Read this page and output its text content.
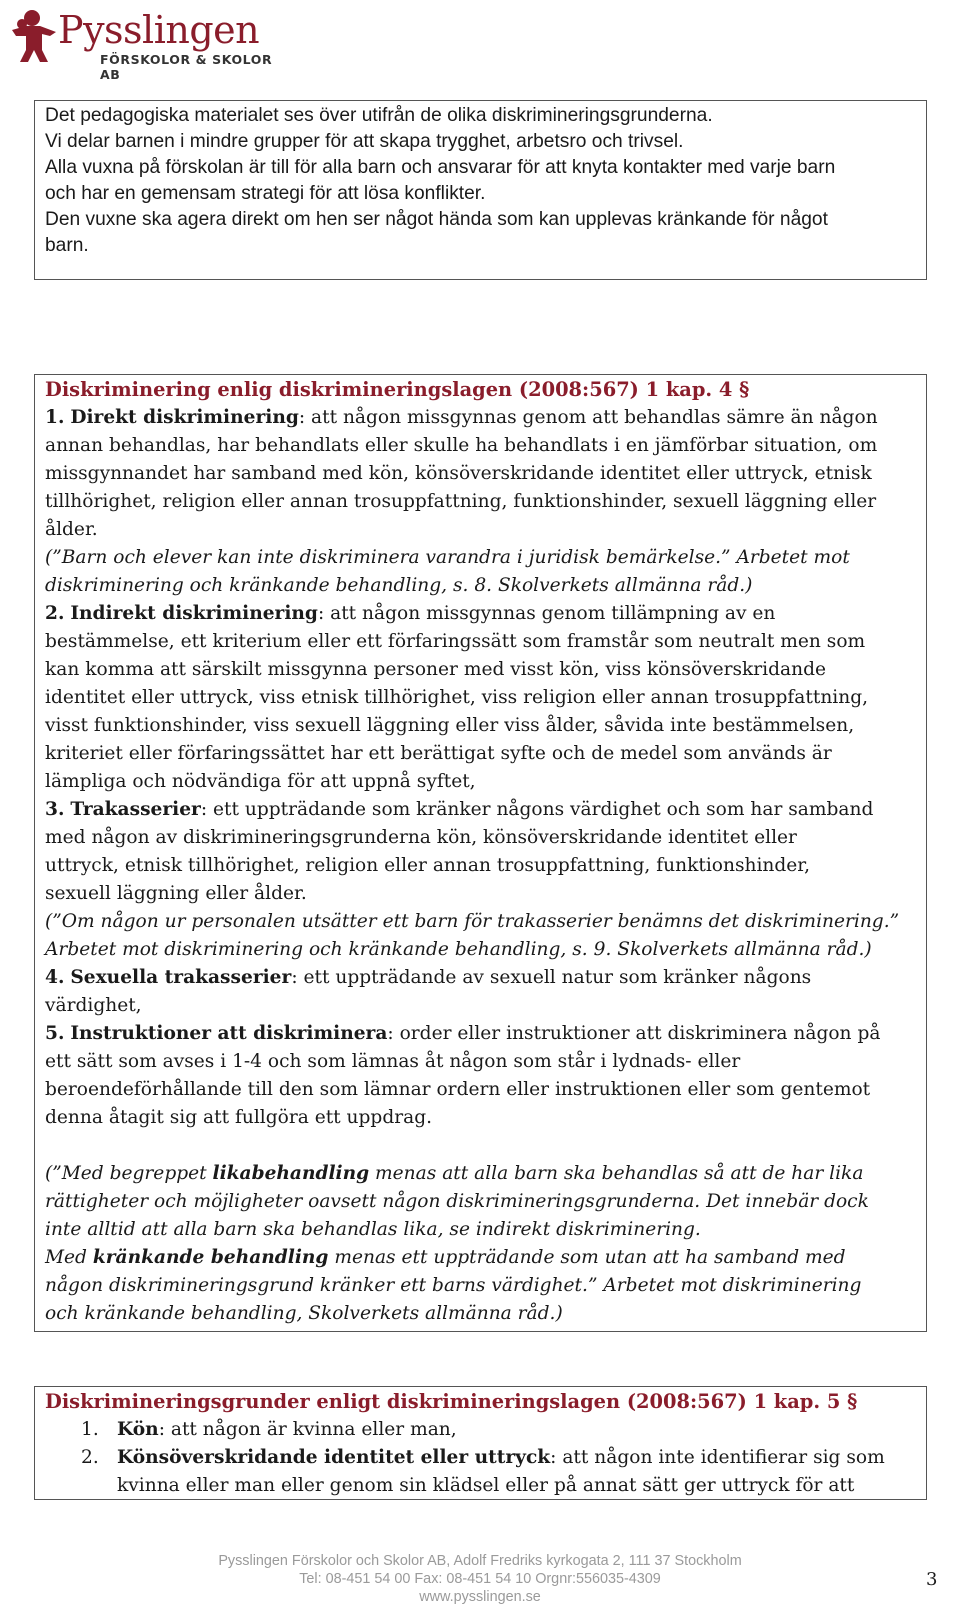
Pysslingen
FÖRSKOLOR & SKOLOR AB

Det pedagogiska materialet ses över utifrån de olika diskrimineringsgrunderna.

Vi delar barnen i mindre grupper för att skapa trygghet, arbetsro och trivsel.

Alla vuxna på förskolan är till för alla barn och ansvarar för att knyta kontakter med varje barn

och har en gemensam strategi för att lösa konflikter.

Den vuxne ska agera direkt om hen ser något hända som kan upplevas kränkande för något

barn.

Diskriminering enlig diskrimineringslagen (2008:567) 1 kap. 4 §

1. Direkt diskriminering: att någon missgynnas genom att behandlas sämre än någon

annan behandlas, har behandlats eller skulle ha behandlats i en jämförbar situation, om

missgynnandet har samband med kön, könsöverskridande identitet eller uttryck, etnisk

tillhörighet, religion eller annan trosuppfattning, funktionshinder, sexuell läggning eller

ålder.

(”Barn och elever kan inte diskriminera varandra i juridisk bemärkelse.” Arbetet mot

diskriminering och kränkande behandling, s. 8. Skolverkets allmänna råd.)

2. Indirekt diskriminering: att någon missgynnas genom tillämpning av en

bestämmelse, ett kriterium eller ett förfaringssätt som framstår som neutralt men som

kan komma att särskilt missgynna personer med visst kön, viss könsöverskridande

identitet eller uttryck, viss etnisk tillhörighet, viss religion eller annan trosuppfattning,

visst funktionshinder, viss sexuell läggning eller viss ålder, såvida inte bestämmelsen,

kriteriet eller förfaringssättet har ett berättigat syfte och de medel som används är

lämpliga och nödvändiga för att uppnå syftet,

3. Trakasserier: ett uppträdande som kränker någons värdighet och som har samband

med någon av diskrimineringsgrunderna kön, könsöverskridande identitet eller

uttryck, etnisk tillhörighet, religion eller annan trosuppfattning, funktionshinder,

sexuell läggning eller ålder.

(”Om någon ur personalen utsätter ett barn för trakasserier benämns det diskriminering.”

Arbetet mot diskriminering och kränkande behandling, s. 9. Skolverkets allmänna råd.)

4. Sexuella trakasserier: ett uppträdande av sexuell natur som kränker någons

värdighet,

5. Instruktioner att diskriminera: order eller instruktioner att diskriminera någon på

ett sätt som avses i 1-4 och som lämnas åt någon som står i lydnads- eller

beroendeförhållande till den som lämnar ordern eller instruktionen eller som gentemot

denna åtagit sig att fullgöra ett uppdrag.

(”Med begreppet likabehandling menas att alla barn ska behandlas så att de har lika

rättigheter och möjligheter oavsett någon diskrimineringsgrunderna. Det innebär dock

inte alltid att alla barn ska behandlas lika, se indirekt diskriminering.

Med kränkande behandling menas ett uppträdande som utan att ha samband med

någon diskrimineringsgrund kränker ett barns värdighet.” Arbetet mot diskriminering

och kränkande behandling, Skolverkets allmänna råd.)

Diskrimineringsgrunder enligt diskrimineringslagen (2008:567) 1 kap. 5 §

1. Kön: att någon är kvinna eller man,
2. Könsöverskridande identitet eller uttryck: att någon inte identifierar sig som
kvinna eller man eller genom sin klädsel eller på annat sätt ger uttryck för att
Pysslingen Förskolor och Skolor AB, Adolf Fredriks kyrkogata 2, 111 37 Stockholm
Tel: 08-451 54 00 Fax: 08-451 54 10 Orgnr:556035-4309
www.pysslingen.se
3
